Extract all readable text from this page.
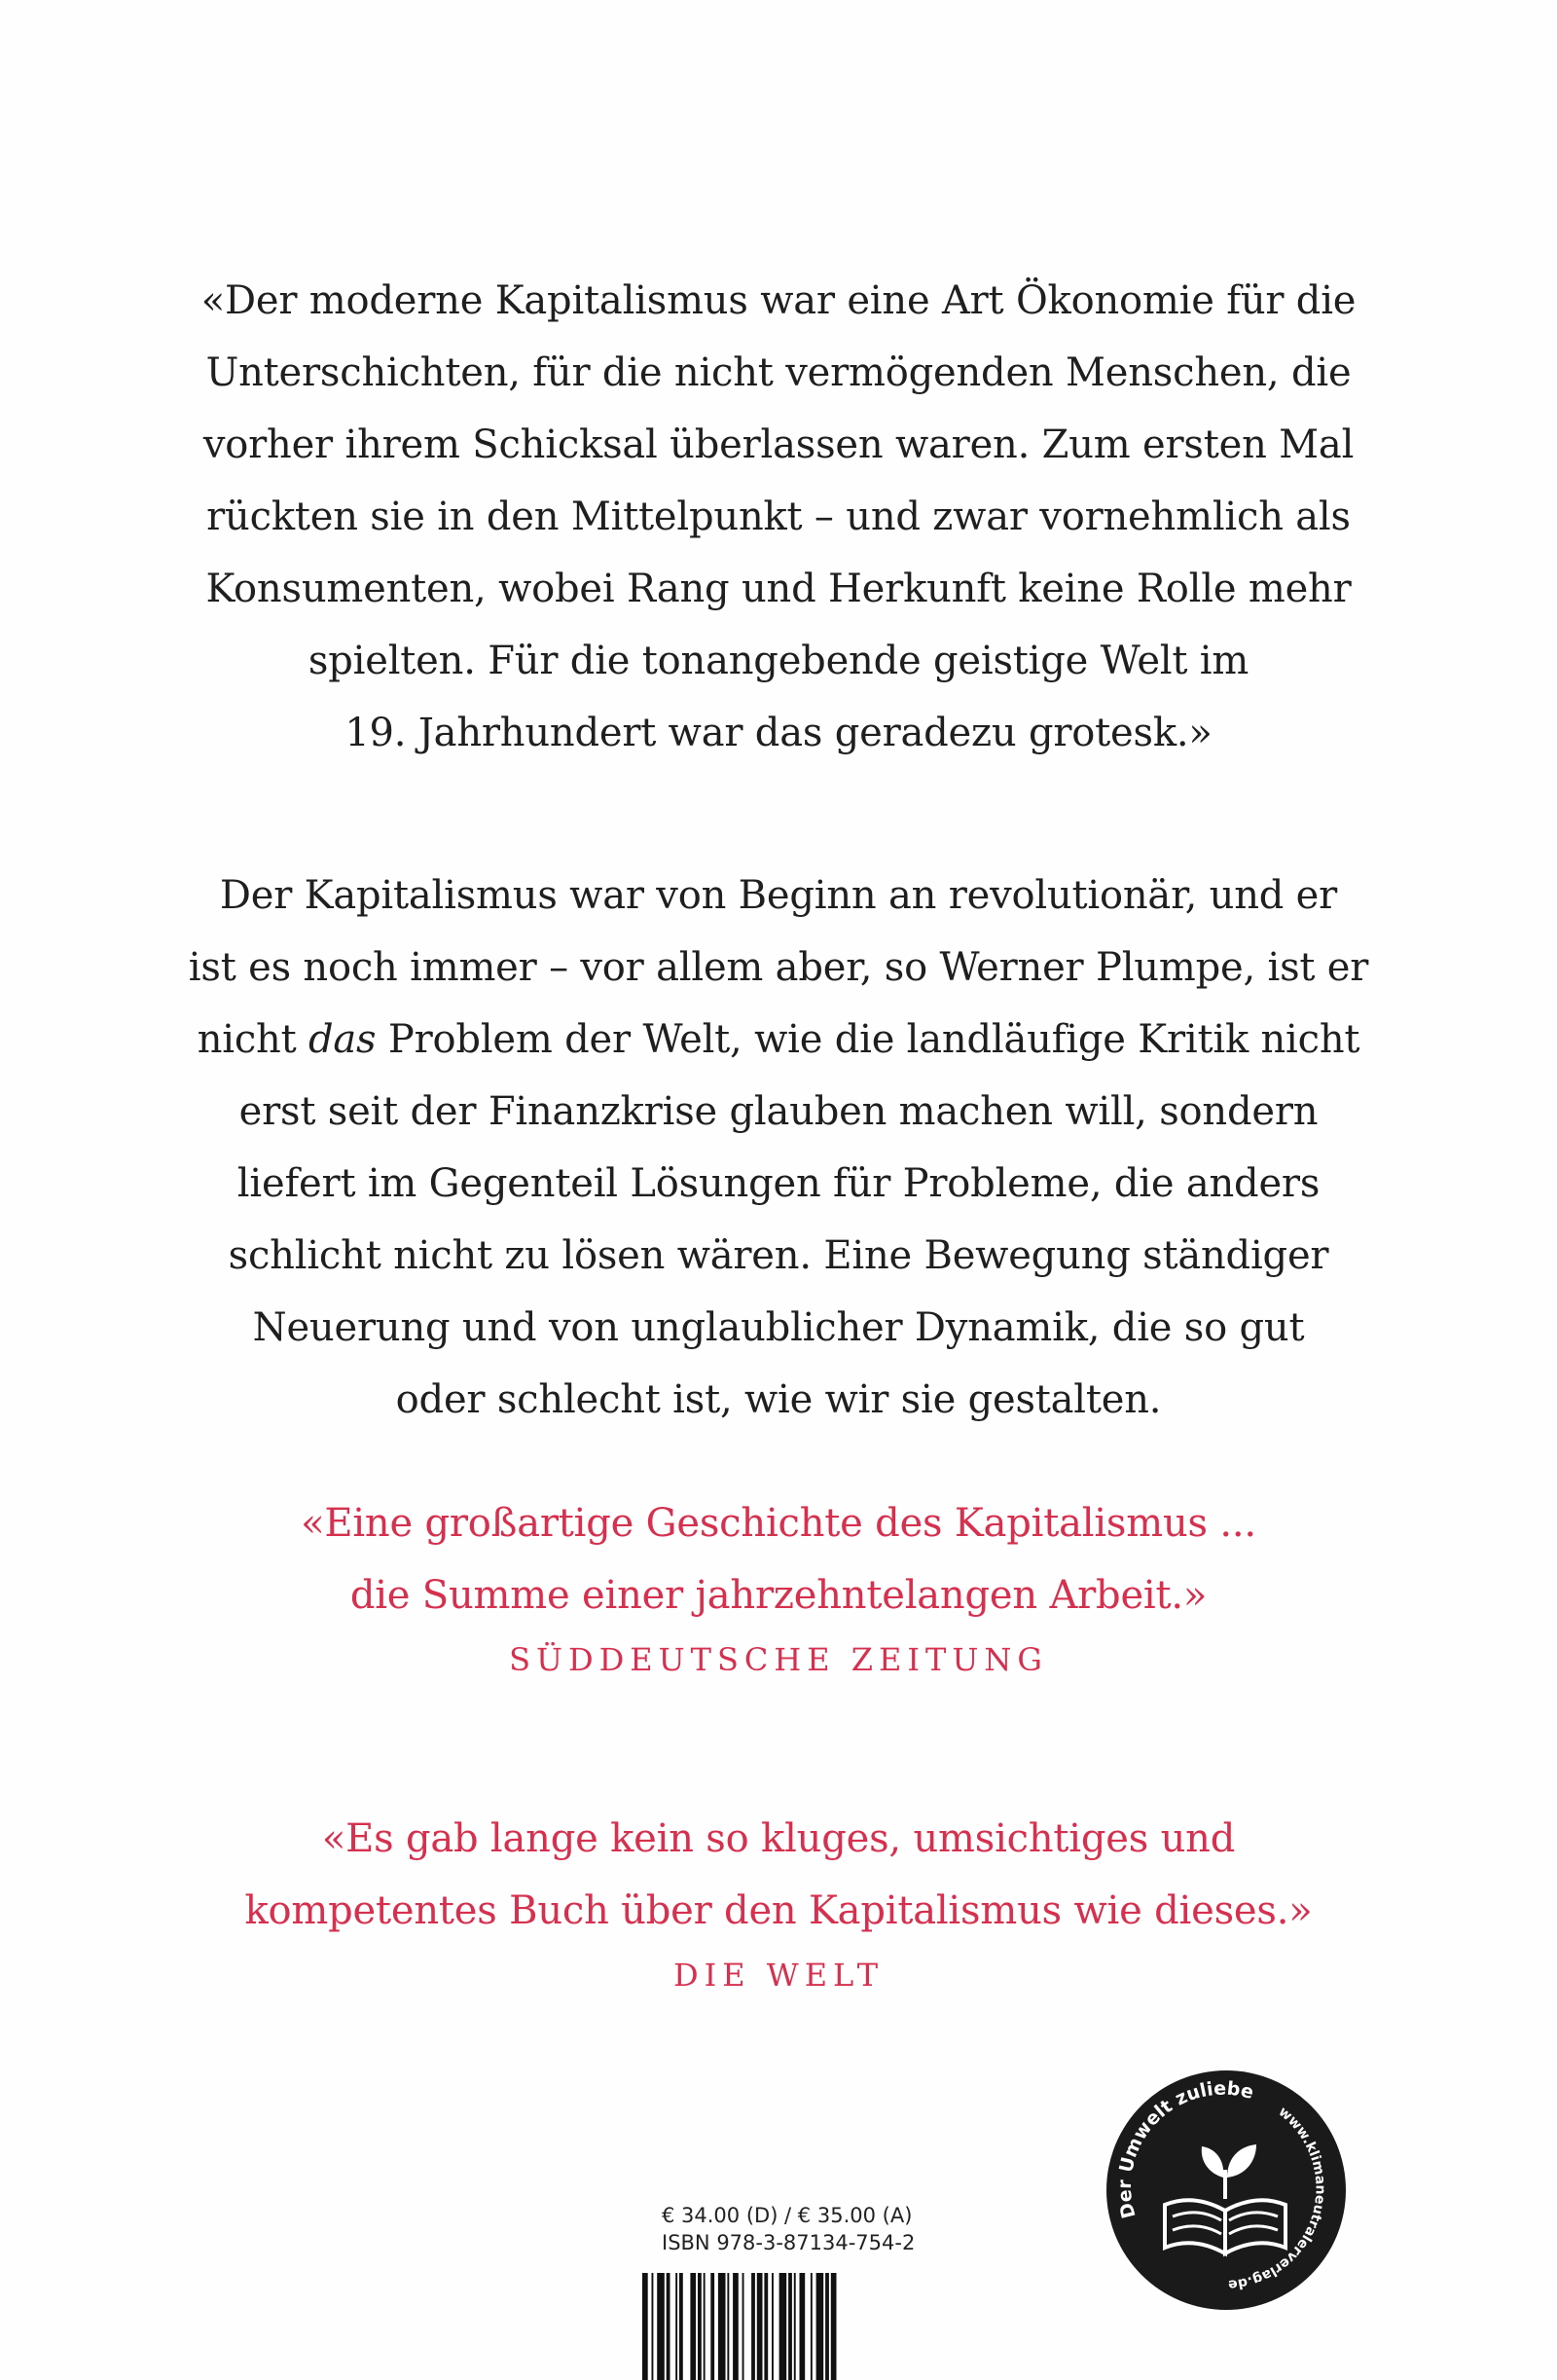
«Der moderne Kapitalismus war eine Art Ökonomie für die
Unterschichten, für die nicht vermögenden Menschen, die
vorher ihrem Schicksal überlassen waren. Zum ersten Mal
rückten sie in den Mittelpunkt – und zwar vornehmlich als
Konsumenten, wobei Rang und Herkunft keine Rolle mehr
spielten. Für die tonangebende geistige Welt im
19. Jahrhundert war das geradezu grotesk.»
Der Kapitalismus war von Beginn an revolutionär, und er
ist es noch immer – vor allem aber, so Werner Plumpe, ist er
nicht das Problem der Welt, wie die landläufige Kritik nicht
erst seit der Finanzkrise glauben machen will, sondern
liefert im Gegenteil Lösungen für Probleme, die anders
schlicht nicht zu lösen wären. Eine Bewegung ständiger
Neuerung und von unglaublicher Dynamik, die so gut
oder schlecht ist, wie wir sie gestalten.
«Eine großartige Geschichte des Kapitalismus ...
die Summe einer jahrzehntelangen Arbeit.»
SÜDDEUTSCHE ZEITUNG
«Es gab lange kein so kluges, umsichtiges und
kompetentes Buch über den Kapitalismus wie dieses.»
DIE WELT
Der Umwelt zuliebe
www.klimaneutralerverlag.de
€ 34.00 (D) / € 35.00 (A)
ISBN 978-3-87134-754-2
